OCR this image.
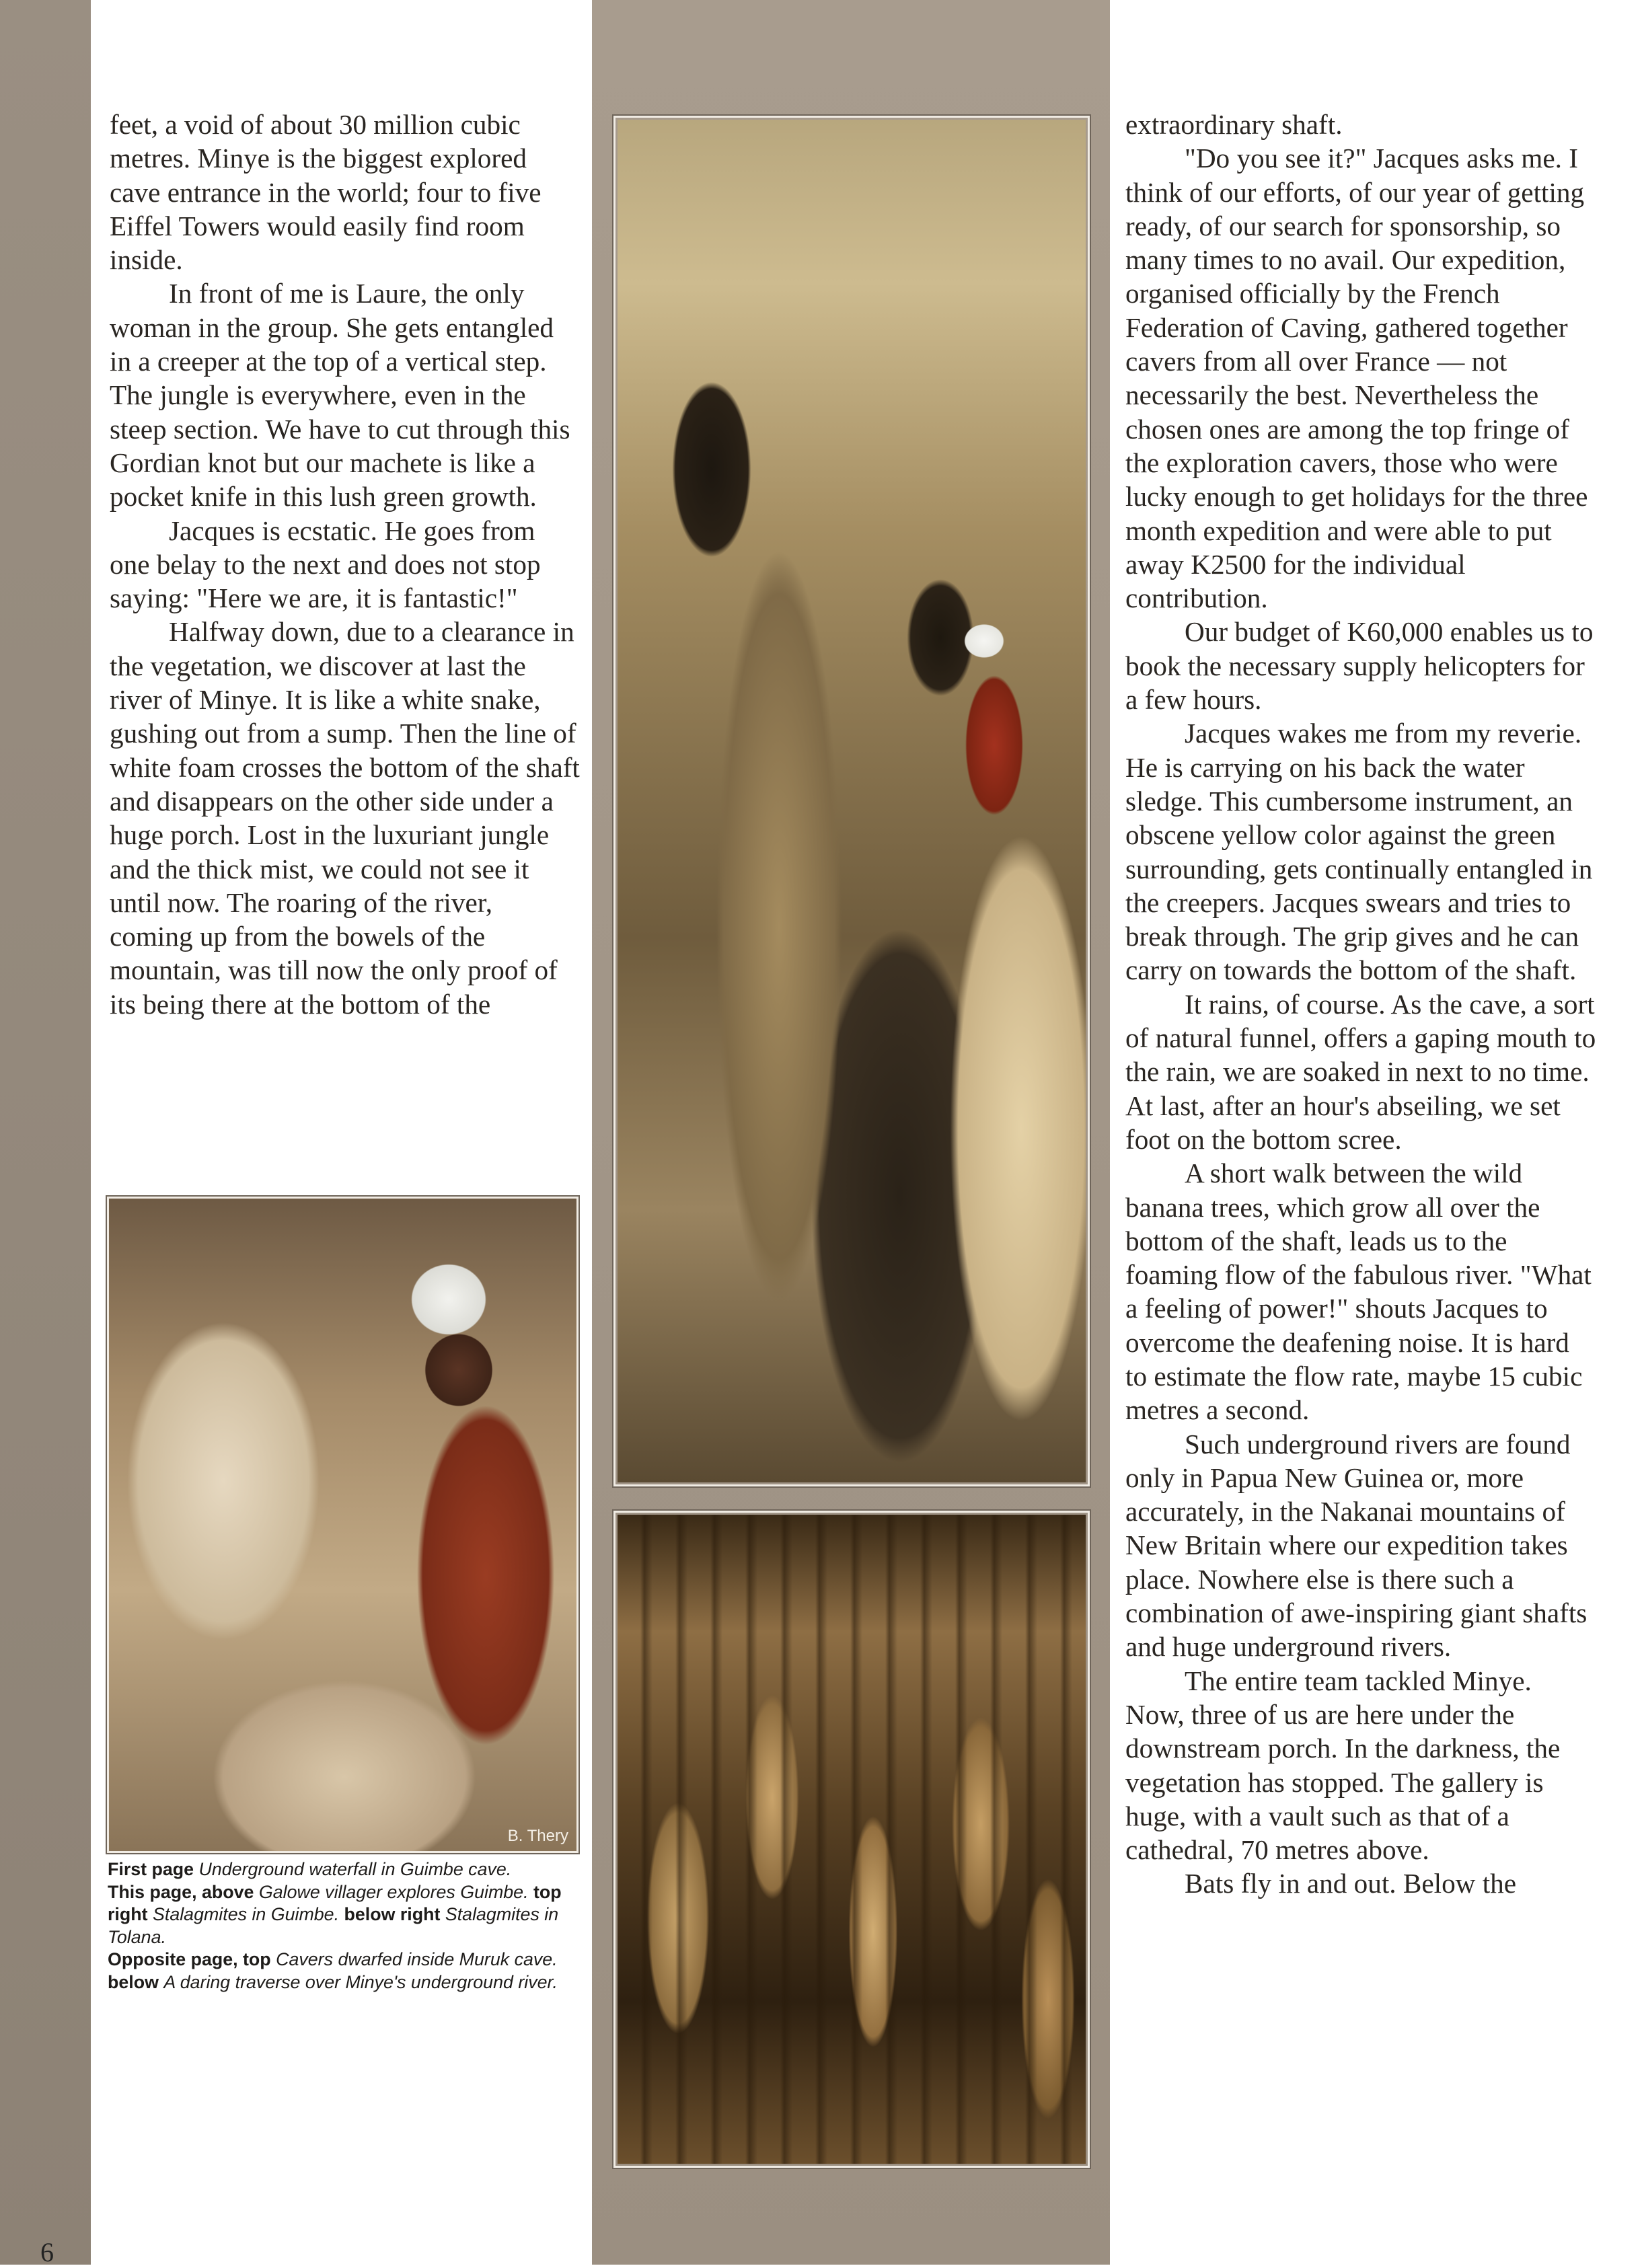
feet, a void of about 30 million cubic metres. Minye is the biggest explored cave entrance in the world; four to five Eiffel Towers would easily find room inside.

In front of me is Laure, the only woman in the group. She gets entangled in a creeper at the top of a vertical step. The jungle is everywhere, even in the steep section. We have to cut through this Gordian knot but our machete is like a pocket knife in this lush green growth.

Jacques is ecstatic. He goes from one belay to the next and does not stop saying: "Here we are, it is fantastic!"

Halfway down, due to a clearance in the vegetation, we discover at last the river of Minye. It is like a white snake, gushing out from a sump. Then the line of white foam crosses the bottom of the shaft and disappears on the other side under a huge porch. Lost in the luxuriant jungle and the thick mist, we could not see it until now. The roaring of the river, coming up from the bowels of the mountain, was till now the only proof of its being there at the bottom of the

B. Thery
First page Underground waterfall in Guimbe cave.
This page, above Galowe villager explores Guimbe. top right Stalagmites in Guimbe. below right Stalagmites in Tolana.
Opposite page, top Cavers dwarfed inside Muruk cave. below A daring traverse over Minye's underground river.

extraordinary shaft.

"Do you see it?" Jacques asks me. I think of our efforts, of our year of getting ready, of our search for sponsorship, so many times to no avail. Our expedition, organised officially by the French Federation of Caving, gathered together cavers from all over France — not necessarily the best. Nevertheless the chosen ones are among the top fringe of the exploration cavers, those who were lucky enough to get holidays for the three month expedition and were able to put away K2500 for the individual contribution.

Our budget of K60,000 enables us to book the necessary supply helicopters for a few hours.

Jacques wakes me from my reverie. He is carrying on his back the water sledge. This cumbersome instrument, an obscene yellow color against the green surrounding, gets continually entangled in the creepers. Jacques swears and tries to break through. The grip gives and he can carry on towards the bottom of the shaft.

It rains, of course. As the cave, a sort of natural funnel, offers a gaping mouth to the rain, we are soaked in next to no time. At last, after an hour's abseiling, we set foot on the bottom scree.

A short walk between the wild banana trees, which grow all over the bottom of the shaft, leads us to the foaming flow of the fabulous river. "What a feeling of power!" shouts Jacques to overcome the deafening noise. It is hard to estimate the flow rate, maybe 15 cubic metres a second.

Such underground rivers are found only in Papua New Guinea or, more accurately, in the Nakanai mountains of New Britain where our expedition takes place. Nowhere else is there such a combination of awe-inspiring giant shafts and huge underground rivers.

The entire team tackled Minye. Now, three of us are here under the downstream porch. In the darkness, the vegetation has stopped. The gallery is huge, with a vault such as that of a cathedral, 70 metres above.

Bats fly in and out. Below the

6
